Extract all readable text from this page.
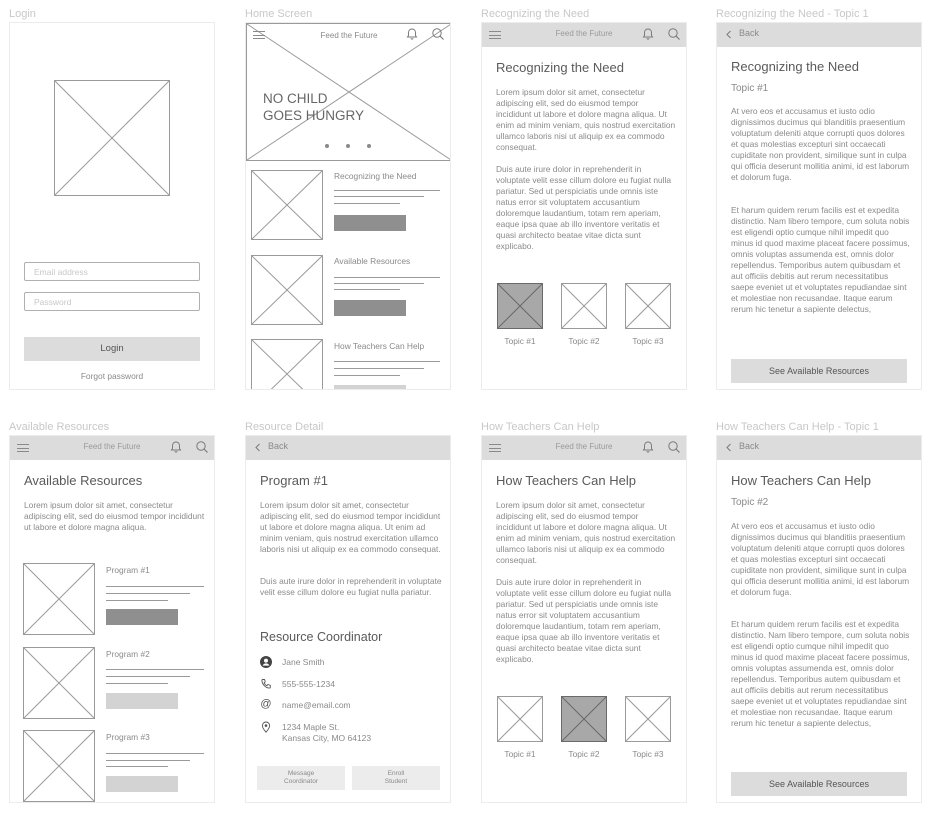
Login	Home Screen	Recognizing the Need	Recognizing the Need - Topic 1
Available Resources	Resource Detail	How Teachers Can Help	How Teachers Can Help - Topic 1
Email address
Password
Login
Forgot password
Feed the Future
NO CHILD
GOES HUNGRY
Recognizing the Need
Available Resources
How Teachers Can Help
Feed the Future
Recognizing the Need
Lorem ipsum dolor sit amet, consectetur adipiscing elit, sed do eiusmod tempor incididunt ut labore et dolore magna aliqua. Ut enim ad minim veniam, quis nostrud exercitation ullamco laboris nisi ut aliquip ex ea commodo consequat.
Duis aute irure dolor in reprehenderit in voluptate velit esse cillum dolore eu fugiat nulla pariatur. Sed ut perspiciatis unde omnis iste natus error sit voluptatem accusantium doloremque laudantium, totam rem aperiam, eaque ipsa quae ab illo inventore veritatis et quasi architecto beatae vitae dicta sunt explicabo.
Topic #1	Topic #2	Topic #3
Back
Recognizing the Need
Topic #1
At vero eos et accusamus et iusto odio dignissimos ducimus qui blanditiis praesentium voluptatum deleniti atque corrupti quos dolores et quas molestias excepturi sint occaecati cupiditate non provident, similique sunt in culpa qui officia deserunt mollitia animi, id est laborum et dolorum fuga.
Et harum quidem rerum facilis est et expedita distinctio. Nam libero tempore, cum soluta nobis est eligendi optio cumque nihil impedit quo minus id quod maxime placeat facere possimus, omnis voluptas assumenda est, omnis dolor repellendus. Temporibus autem quibusdam et aut officiis debitis aut rerum necessitatibus saepe eveniet ut et voluptates repudiandae sint et molestiae non recusandae. Itaque earum rerum hic tenetur a sapiente delectus,
See Available Resources
Feed the Future
Available Resources
Lorem ipsum dolor sit amet, consectetur adipiscing elit, sed do eiusmod tempor incididunt ut labore et dolore magna aliqua.
Program #1
Program #2
Program #3
Back
Program #1
Lorem ipsum dolor sit amet, consectetur adipiscing elit, sed do eiusmod tempor incididunt ut labore et dolore magna aliqua. Ut enim ad minim veniam, quis nostrud exercitation ullamco laboris nisi ut aliquip ex ea commodo consequat.
Duis aute irure dolor in reprehenderit in voluptate velit esse cillum dolore eu fugiat nulla pariatur.
Resource Coordinator
Jane Smith
555-555-1234
@ name@email.com
1234 Maple St.
Kansas City, MO 64123
Message
Coordinator
Enroll
Student
Feed the Future
How Teachers Can Help
Lorem ipsum dolor sit amet, consectetur adipiscing elit, sed do eiusmod tempor incididunt ut labore et dolore magna aliqua. Ut enim ad minim veniam, quis nostrud exercitation ullamco laboris nisi ut aliquip ex ea commodo consequat.
Duis aute irure dolor in reprehenderit in voluptate velit esse cillum dolore eu fugiat nulla pariatur. Sed ut perspiciatis unde omnis iste natus error sit voluptatem accusantium doloremque laudantium, totam rem aperiam, eaque ipsa quae ab illo inventore veritatis et quasi architecto beatae vitae dicta sunt explicabo.
Topic #1	Topic #2	Topic #3
Back
How Teachers Can Help
Topic #2
At vero eos et accusamus et iusto odio dignissimos ducimus qui blanditiis praesentium voluptatum deleniti atque corrupti quos dolores et quas molestias excepturi sint occaecati cupiditate non provident, similique sunt in culpa qui officia deserunt mollitia animi, id est laborum et dolorum fuga.
Et harum quidem rerum facilis est et expedita distinctio. Nam libero tempore, cum soluta nobis est eligendi optio cumque nihil impedit quo minus id quod maxime placeat facere possimus, omnis voluptas assumenda est, omnis dolor repellendus. Temporibus autem quibusdam et aut officiis debitis aut rerum necessitatibus saepe eveniet ut et voluptates repudiandae sint et molestiae non recusandae. Itaque earum rerum hic tenetur a sapiente delectus,
See Available Resources
